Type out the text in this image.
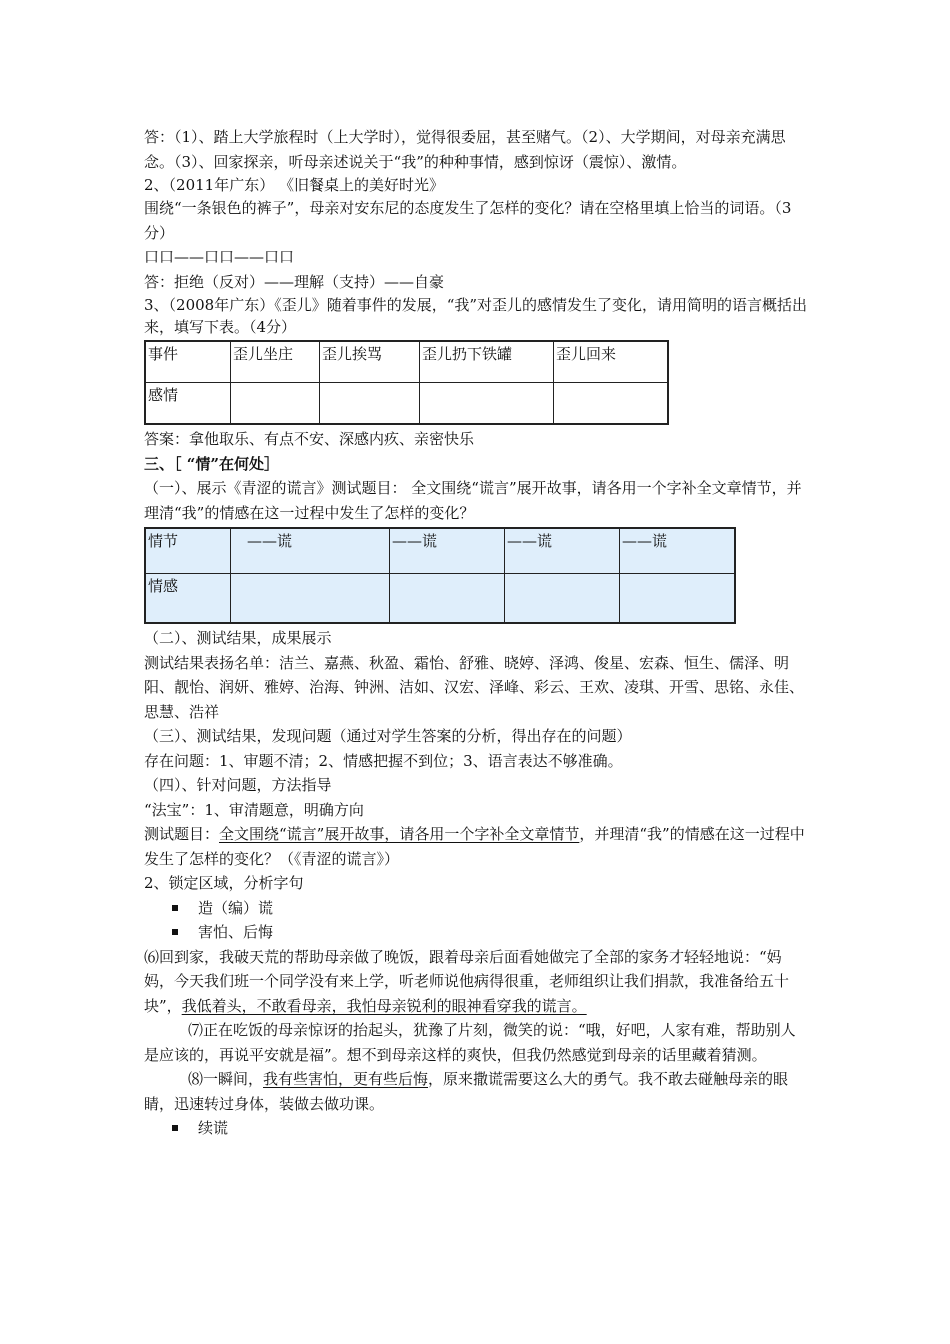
答：（1）、踏上大学旅程时（上大学时），觉得很委屈，甚至赌气。（2）、大学期间，对母亲充满思念。（3）、回家探亲，听母亲述说关于“我”的种种事情，感到惊讶（震惊）、激情。

2、（2011年广东） 《旧餐桌上的美好时光》

围绕“一条银色的裤子”，母亲对安东尼的态度发生了怎样的变化？请在空格里填上恰当的词语。（3分）

口口——口口——口口

答：拒绝（反对）——理解（支持）——自豪

3、（2008年广东）《歪儿》随着事件的发展，“我”对歪儿的感情发生了变化，请用简明的语言概括出来，填写下表。（4分）

事件	歪儿坐庄	歪儿挨骂	歪儿扔下铁罐	歪儿回来
感情				

答案：拿他取乐、有点不安、深感内疚、亲密快乐

三、［ “情”在何处］

（一）、展示《青涩的谎言》测试题目： 全文围绕“谎言”展开故事，请各用一个字补全文章情节，并理清“我”的情感在这一过程中发生了怎样的变化？

情节	——谎	——谎	——谎	——谎
情感				

（二）、测试结果，成果展示

测试结果表扬名单：洁兰、嘉燕、秋盈、霜怡、舒雅、晓婷、泽鸿、俊星、宏森、恒生、儒泽、明阳、靓怡、润妍、雅婷、治海、钟洲、洁如、汉宏、泽峰、彩云、王欢、凌琪、开雪、思铭、永佳、思慧、浩祥

（三）、测试结果，发现问题（通过对学生答案的分析，得出存在的问题）

存在问题：1、审题不清；2、情感把握不到位；3、语言表达不够准确。

（四）、针对问题，方法指导

“法宝”：1、审清题意，明确方向

测试题目：全文围绕“谎言”展开故事，请各用一个字补全文章情节，并理清“我”的情感在这一过程中发生了怎样的变化？（《青涩的谎言》）

2、锁定区域，分析字句

造（编）谎
害怕、后悔

⑹回到家，我破天荒的帮助母亲做了晚饭，跟着母亲后面看她做完了全部的家务才轻轻地说：“妈妈，今天我们班一个同学没有来上学，听老师说他病得很重，老师组织让我们捐款，我准备给五十块”，我低着头，不敢看母亲，我怕母亲锐利的眼神看穿我的谎言。

⑺正在吃饭的母亲惊讶的抬起头，犹豫了片刻，微笑的说：“哦，好吧，人家有难，帮助别人是应该的，再说平安就是福”。想不到母亲这样的爽快，但我仍然感觉到母亲的话里藏着猜测。

⑻一瞬间，我有些害怕，更有些后悔，原来撒谎需要这么大的勇气。我不敢去碰触母亲的眼睛，迅速转过身体，装做去做功课。

续谎
